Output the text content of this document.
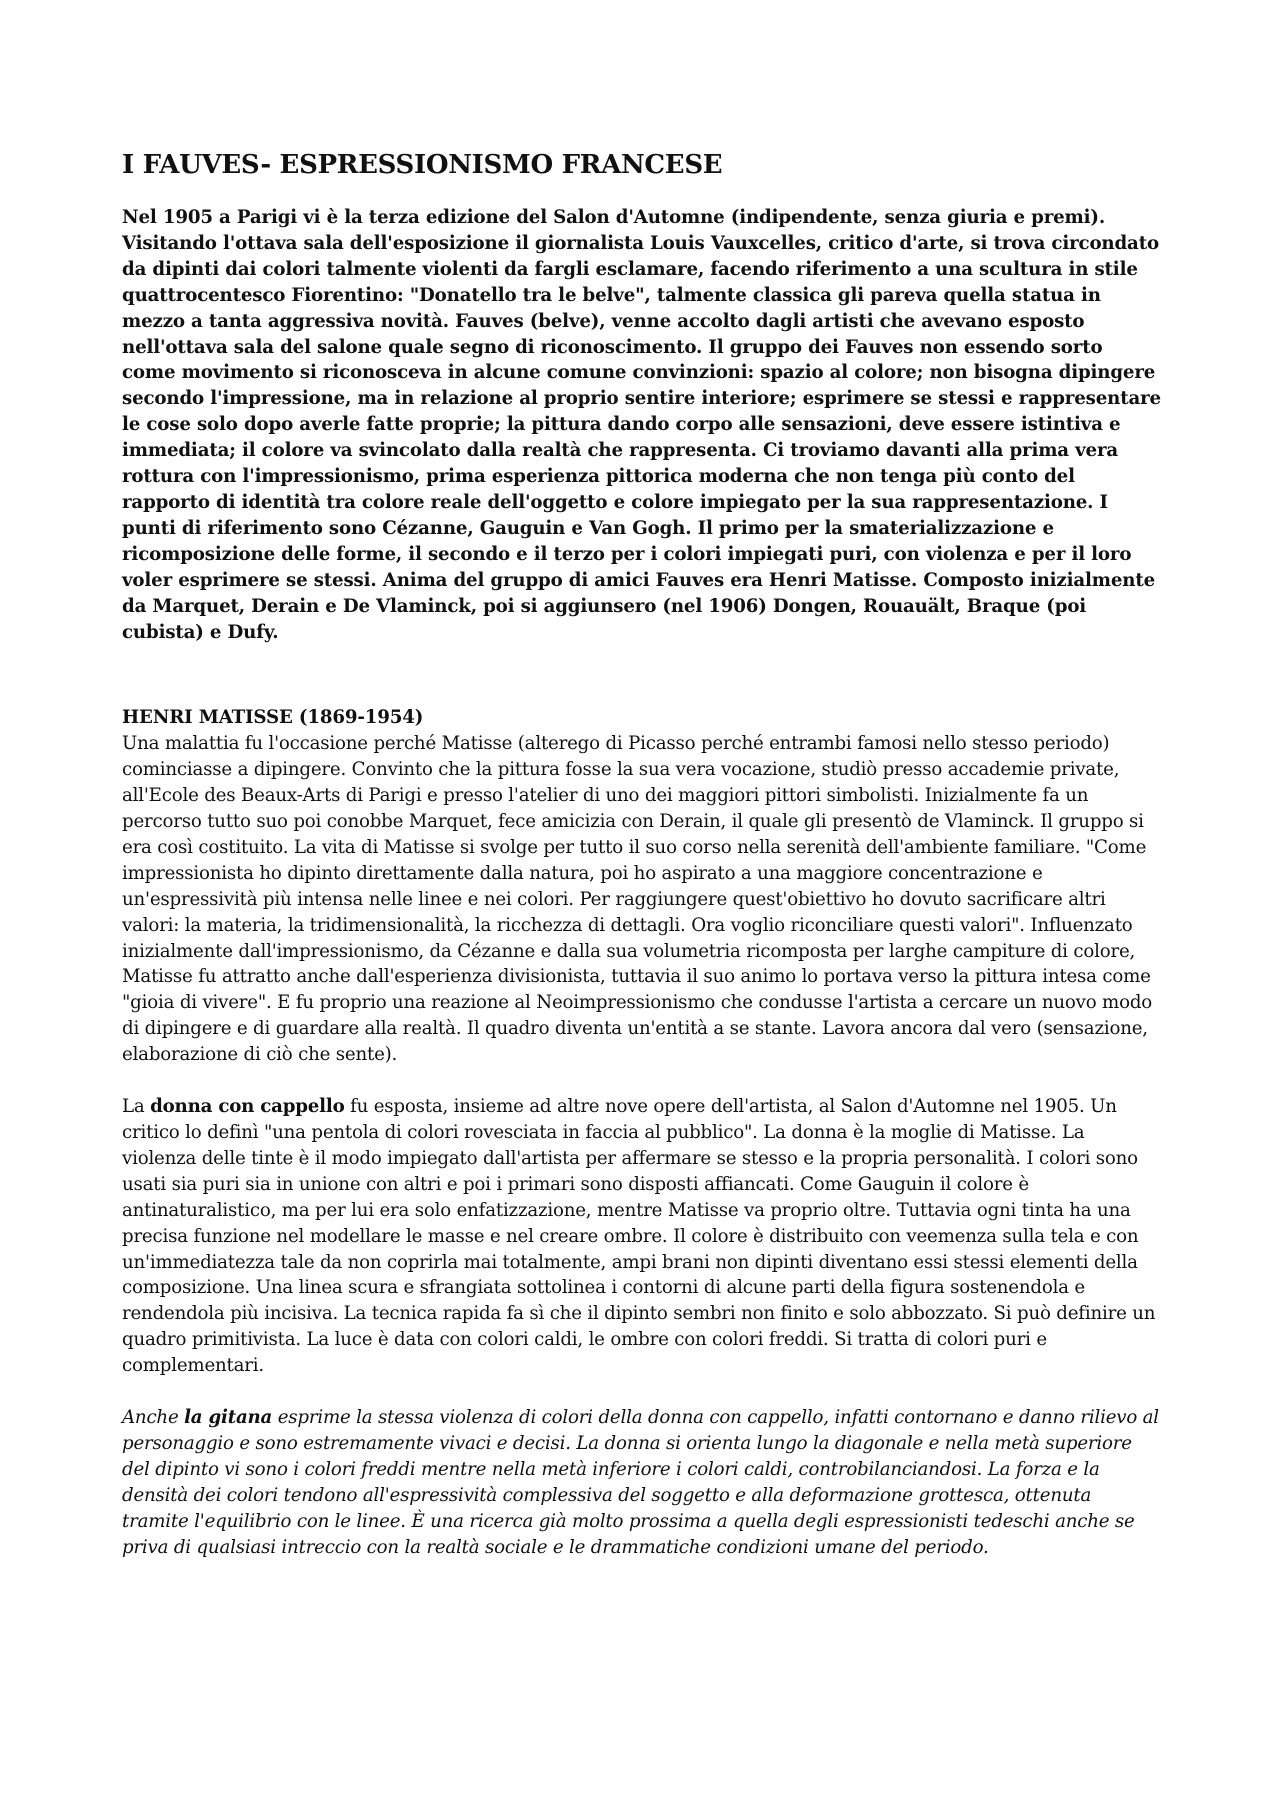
I FAUVES- ESPRESSIONISMO FRANCESE

Nel 1905 a Parigi vi è la terza edizione del Salon d'Automne (indipendente, senza giuria e premi). Visitando l'ottava sala dell'esposizione il giornalista Louis Vauxcelles, critico d'arte, si trova circondato da dipinti dai colori talmente violenti da fargli esclamare, facendo riferimento a una scultura in stile quattrocentesco Fiorentino: "Donatello tra le belve", talmente classica gli pareva quella statua in mezzo a tanta aggressiva novità. Fauves (belve), venne accolto dagli artisti che avevano esposto nell'ottava sala del salone quale segno di riconoscimento. Il gruppo dei Fauves non essendo sorto come movimento si riconosceva in alcune comune convinzioni: spazio al colore; non bisogna dipingere secondo l'impressione, ma in relazione al proprio sentire interiore; esprimere se stessi e rappresentare le cose solo dopo averle fatte proprie; la pittura dando corpo alle sensazioni, deve essere istintiva e immediata; il colore va svincolato dalla realtà che rappresenta. Ci troviamo davanti alla prima vera rottura con l'impressionismo, prima esperienza pittorica moderna che non tenga più conto del rapporto di identità tra colore reale dell'oggetto e colore impiegato per la sua rappresentazione. I punti di riferimento sono Cézanne, Gauguin e Van Gogh. Il primo per la smaterializzazione e ricomposizione delle forme, il secondo e il terzo per i colori impiegati puri, con violenza e per il loro voler esprimere se stessi. Anima del gruppo di amici Fauves era Henri Matisse. Composto inizialmente da Marquet, Derain e De Vlaminck, poi si aggiunsero (nel 1906) Dongen, Rouauält, Braque (poi cubista) e Dufy.

HENRI MATISSE (1869-1954)

Una malattia fu l'occasione perché Matisse (alterego di Picasso perché entrambi famosi nello stesso periodo) cominciasse a dipingere. Convinto che la pittura fosse la sua vera vocazione, studiò presso accademie private, all'Ecole des Beaux-Arts di Parigi e presso l'atelier di uno dei maggiori pittori simbolisti. Inizialmente fa un percorso tutto suo poi conobbe Marquet, fece amicizia con Derain, il quale gli presentò de Vlaminck. Il gruppo si era così costituito. La vita di Matisse si svolge per tutto il suo corso nella serenità dell'ambiente familiare. "Come impressionista ho dipinto direttamente dalla natura, poi ho aspirato a una maggiore concentrazione e un'espressività più intensa nelle linee e nei colori. Per raggiungere quest'obiettivo ho dovuto sacrificare altri valori: la materia, la tridimensionalità, la ricchezza di dettagli. Ora voglio riconciliare questi valori". Influenzato inizialmente dall'impressionismo, da Cézanne e dalla sua volumetria ricomposta per larghe campiture di colore, Matisse fu attratto anche dall'esperienza divisionista, tuttavia il suo animo lo portava verso la pittura intesa come "gioia di vivere". E fu proprio una reazione al Neoimpressionismo che condusse l'artista a cercare un nuovo modo di dipingere e di guardare alla realtà. Il quadro diventa un'entità a se stante. Lavora ancora dal vero (sensazione, elaborazione di ciò che sente).

La donna con cappello fu esposta, insieme ad altre nove opere dell'artista, al Salon d'Automne nel 1905. Un critico lo definì "una pentola di colori rovesciata in faccia al pubblico". La donna è la moglie di Matisse. La violenza delle tinte è il modo impiegato dall'artista per affermare se stesso e la propria personalità. I colori sono usati sia puri sia in unione con altri e poi i primari sono disposti affiancati. Come Gauguin il colore è antinaturalistico, ma per lui era solo enfatizzazione, mentre Matisse va proprio oltre. Tuttavia ogni tinta ha una precisa funzione nel modellare le masse e nel creare ombre. Il colore è distribuito con veemenza sulla tela e con un'immediatezza tale da non coprirla mai totalmente, ampi brani non dipinti diventano essi stessi elementi della composizione. Una linea scura e sfrangiata sottolinea i contorni di alcune parti della figura sostenendola e rendendola più incisiva. La tecnica rapida fa sì che il dipinto sembri non finito e solo abbozzato. Si può definire un quadro primitivista. La luce è data con colori caldi, le ombre con colori freddi. Si tratta di colori puri e complementari.

Anche la gitana esprime la stessa violenza di colori della donna con cappello, infatti contornano e danno rilievo al personaggio e sono estremamente vivaci e decisi. La donna si orienta lungo la diagonale e nella metà superiore del dipinto vi sono i colori freddi mentre nella metà inferiore i colori caldi, controbilanciandosi. La forza e la densità dei colori tendono all'espressività complessiva del soggetto e alla deformazione grottesca, ottenuta tramite l'equilibrio con le linee. È una ricerca già molto prossima a quella degli espressionisti tedeschi anche se priva di qualsiasi intreccio con la realtà sociale e le drammatiche condizioni umane del periodo.
